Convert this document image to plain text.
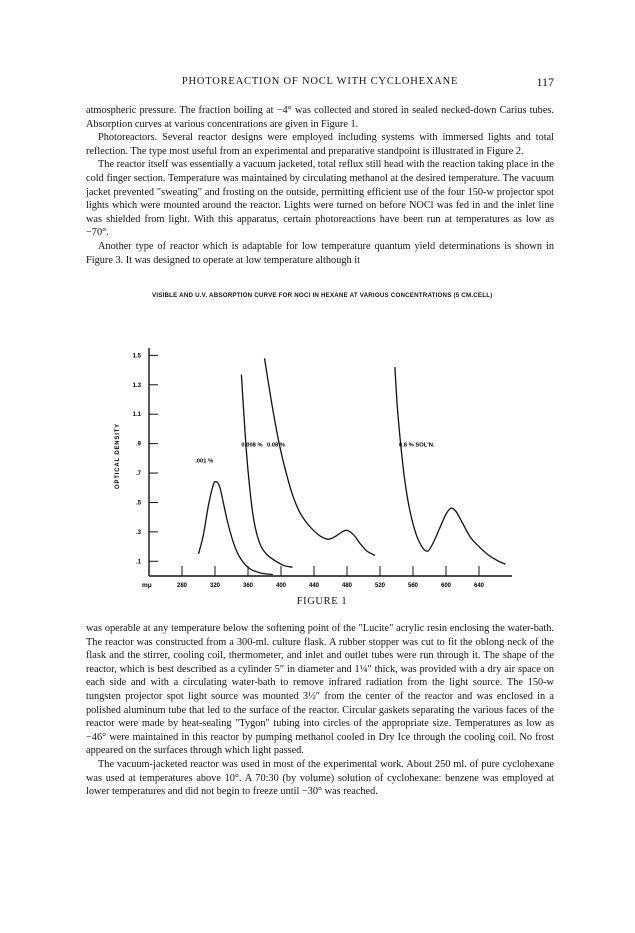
PHOTOREACTION OF NOCL WITH CYCLOHEXANE	117

atmospheric pressure. The fraction boiling at −4° was collected and stored in sealed necked-down Carius tubes. Absorption curves at various concentrations are given in Figure 1.

Photoreactors. Several reactor designs were employed including systems with immersed lights and total reflection. The type most useful from an experimental and preparative standpoint is illustrated in Figure 2.

The reactor itself was essentially a vacuum jacketed, total reflux still head with the reaction taking place in the cold finger section. Temperature was maintained by circulating methanol at the desired temperature. The vacuum jacket prevented "sweating" and frosting on the outside, permitting efficient use of the four 150-w projector spot lights which were mounted around the reactor. Lights were turned on before NOCl was fed in and the inlet line was shielded from light. With this apparatus, certain photoreactions have been run at temperatures as low as −70°.

Another type of reactor which is adaptable for low temperature quantum yield determinations is shown in Figure 3. It was designed to operate at low temperature although it

VISIBLE AND U.V. ABSORPTION CURVE FOR NOCl IN HEXANE AT VARIOUS CONCENTRATIONS (5 CM.CELL)
.1
.3
.5
.7
.9
1.1
1.3
1.5
280	320	360	400	440	480	520	560	600	640
.001 %
0.008 % 0.08 %	0.8 % SOL'N.
OPTICAL DENSITY
mμ
FIGURE 1

was operable at any temperature below the softening point of the "Lucite" acrylic resin enclosing the water-bath. The reactor was constructed from a 300-ml. culture flask. A rubber stopper was cut to fit the oblong neck of the flask and the stirrer, cooling coil, thermometer, and inlet and outlet tubes were run through it. The shape of the reactor, which is best described as a cylinder 5″ in diameter and 1¼″ thick, was provided with a dry air space on each side and with a circulating water-bath to remove infrared radiation from the light source. The 150-w tungsten projector spot light source was mounted 3½″ from the center of the reactor and was enclosed in a polished aluminum tube that led to the surface of the reactor. Circular gaskets separating the various faces of the reactor were made by heat-sealing "Tygon" tubing into circles of the appropriate size. Temperatures as low as −46° were maintained in this reactor by pumping methanol cooled in Dry Ice through the cooling coil. No frost appeared on the surfaces through which light passed.

The vacuum-jacketed reactor was used in most of the experimental work. About 250 ml. of pure cyclohexane was used at temperatures above 10°. A 70:30 (by volume) solution of cyclohexane: benzene was employed at lower temperatures and did not begin to freeze until −30° was reached.
